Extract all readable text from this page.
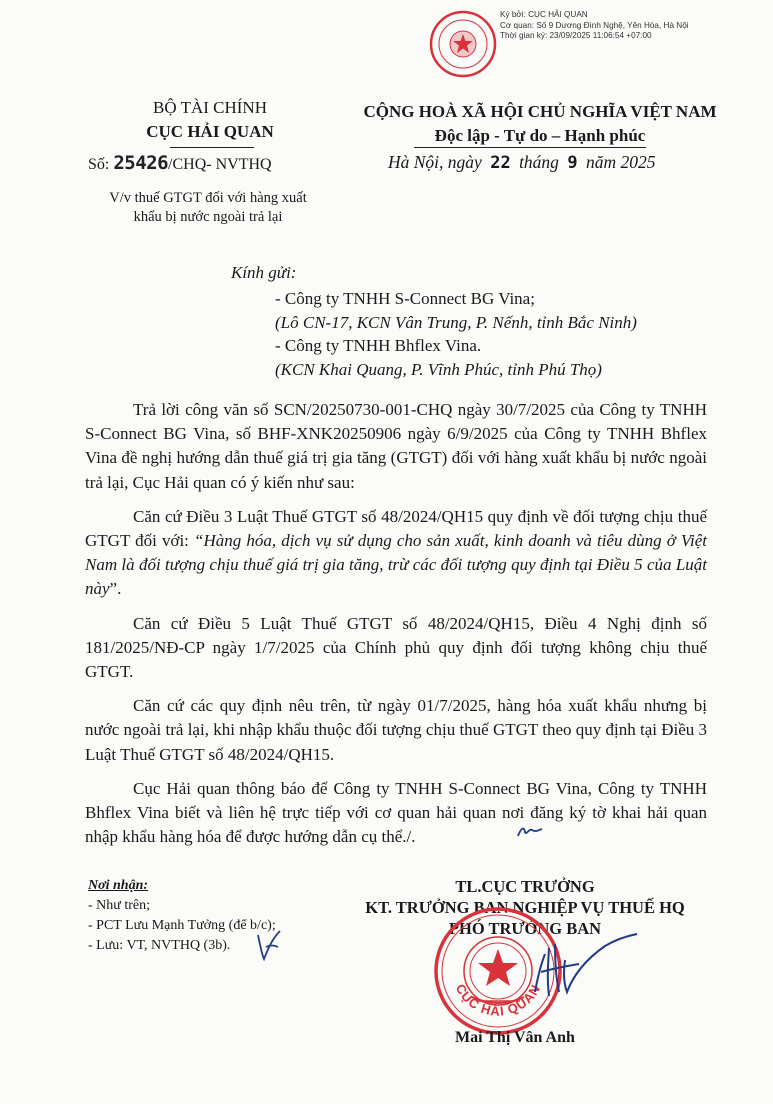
Ký bởi: CỤC HẢI QUAN
Cơ quan: Số 9 Dương Đình Nghệ, Yên Hòa, Hà Nội
Thời gian ký: 23/09/2025 11:06:54 +07:00
BỘ TÀI CHÍNH
CỤC HẢI QUAN
Số: 25426/CHQ- NVTHQ
V/v thuế GTGT đối với hàng xuất
khẩu bị nước ngoài trả lại
CỘNG HOÀ XÃ HỘI CHỦ NGHĨA VIỆT NAM
Độc lập - Tự do – Hạnh phúc
Hà Nội, ngày 22 tháng 9 năm 2025
Kính gửi:
- Công ty TNHH S-Connect BG Vina;
(Lô CN-17, KCN Vân Trung, P. Nếnh, tỉnh Bắc Ninh)
- Công ty TNHH Bhflex Vina.
(KCN Khai Quang, P. Vĩnh Phúc, tỉnh Phú Thọ)

Trả lời công văn số SCN/20250730-001-CHQ ngày 30/7/2025 của Công ty TNHH S-Connect BG Vina, số BHF-XNK20250906 ngày 6/9/2025 của Công ty TNHH Bhflex Vina đề nghị hướng dẫn thuế giá trị gia tăng (GTGT) đối với hàng xuất khẩu bị nước ngoài trả lại, Cục Hải quan có ý kiến như sau:

Căn cứ Điều 3 Luật Thuế GTGT số 48/2024/QH15 quy định về đối tượng chịu thuế GTGT đối với: “Hàng hóa, dịch vụ sử dụng cho sản xuất, kinh doanh và tiêu dùng ở Việt Nam là đối tượng chịu thuế giá trị gia tăng, trừ các đối tượng quy định tại Điều 5 của Luật này”.

Căn cứ Điều 5 Luật Thuế GTGT số 48/2024/QH15, Điều 4 Nghị định số 181/2025/NĐ-CP ngày 1/7/2025 của Chính phủ quy định đối tượng không chịu thuế GTGT.

Căn cứ các quy định nêu trên, từ ngày 01/7/2025, hàng hóa xuất khẩu nhưng bị nước ngoài trả lại, khi nhập khẩu thuộc đối tượng chịu thuế GTGT theo quy định tại Điều 3 Luật Thuế GTGT số 48/2024/QH15.

Cục Hải quan thông báo để Công ty TNHH S-Connect BG Vina, Công ty TNHH Bhflex Vina biết và liên hệ trực tiếp với cơ quan hải quan nơi đăng ký tờ khai hải quan nhập khẩu hàng hóa để được hướng dẫn cụ thể./.

Nơi nhận:
- Như trên;
- PCT Lưu Mạnh Tưởng (để b/c);
- Lưu: VT, NVTHQ (3b).
TL.CỤC TRƯỞNG
KT. TRƯỞNG BAN NGHIỆP VỤ THUẾ HQ
PHÓ TRƯỞNG BAN
CỤC HẢI QUAN
Mai Thị Vân Anh
